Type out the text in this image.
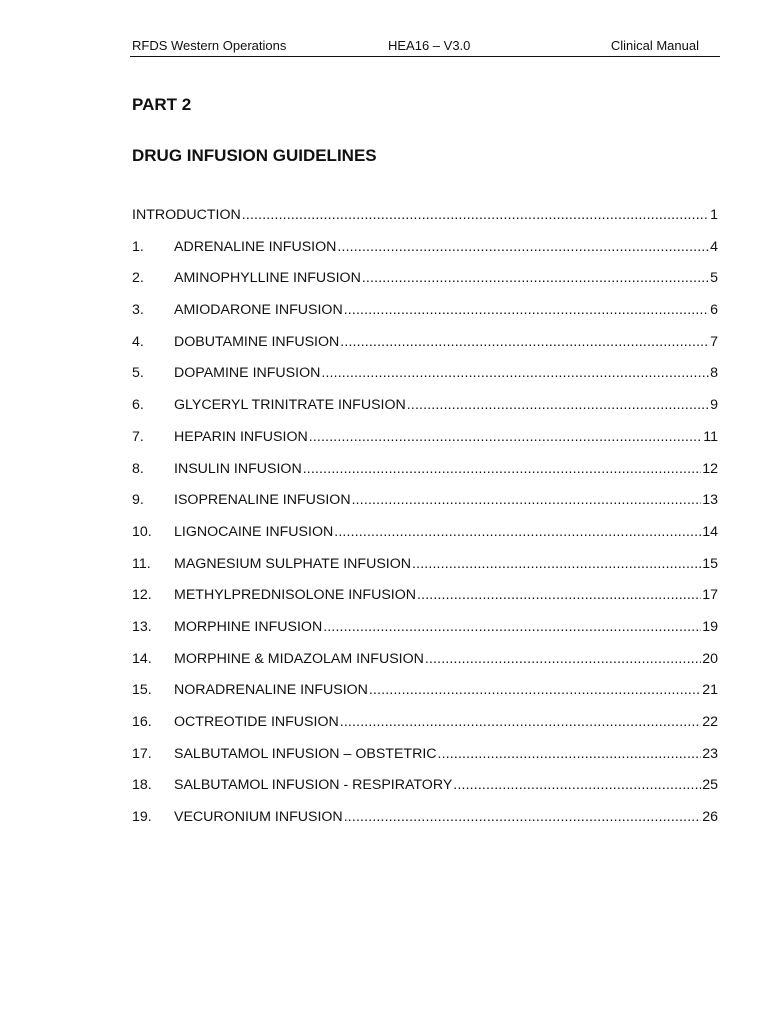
RFDS Western Operations	HEA16 – V3.0	Clinical Manual
PART 2
DRUG INFUSION GUIDELINES
INTRODUCTION .....	1
1.	ADRENALINE INFUSION .....	4
2.	AMINOPHYLLINE INFUSION .....	5
3.	AMIODARONE INFUSION .....	6
4.	DOBUTAMINE INFUSION .....	7
5.	DOPAMINE INFUSION .....	8
6.	GLYCERYL TRINITRATE INFUSION .....	9
7.	HEPARIN INFUSION .....	11
8.	INSULIN INFUSION .....	12
9.	ISOPRENALINE INFUSION .....	13
10.	LIGNOCAINE INFUSION .....	14
11.	MAGNESIUM SULPHATE INFUSION .....	15
12.	METHYLPREDNISOLONE INFUSION .....	17
13.	MORPHINE INFUSION .....	19
14.	MORPHINE & MIDAZOLAM INFUSION .....	20
15.	NORADRENALINE INFUSION .....	21
16.	OCTREOTIDE INFUSION .....	22
17.	SALBUTAMOL INFUSION – OBSTETRIC .....	23
18.	SALBUTAMOL INFUSION - RESPIRATORY .....	25
19.	VECURONIUM INFUSION .....	26
